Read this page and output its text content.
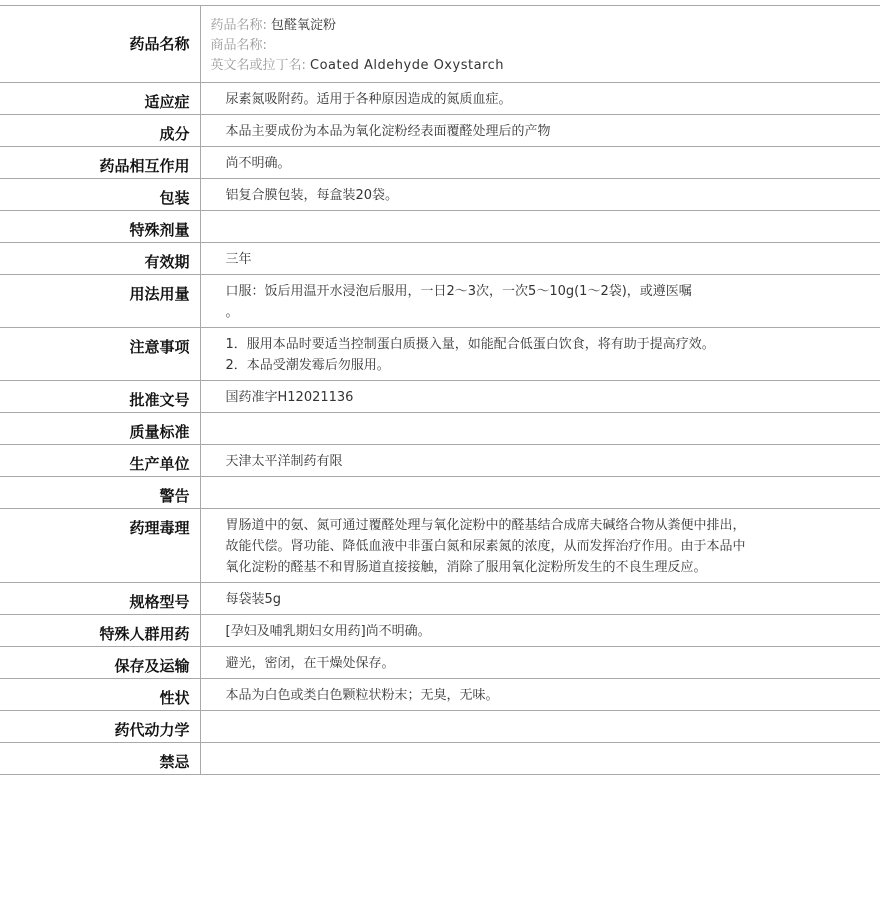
药品名称	药品名称: 包醛氧淀粉
商品名称:
英文名或拉丁名: Coated Aldehyde Oxystarch

适应症	尿素氮吸附药。适用于各种原因造成的氮质血症。

成分	本品主要成份为本品为氧化淀粉经表面覆醛处理后的产物

药品相互作用	尚不明确。

包装	铝复合膜包装，每盒装20袋。

特殊剂量	

有效期	三年

用法用量	口服：饭后用温开水浸泡后服用，一日2～3次，一次5～10g(1～2袋)，或遵医嘱
。

注意事项	1．服用本品时要适当控制蛋白质摄入量，如能配合低蛋白饮食，将有助于提高疗效。
2．本品受潮发霉后勿服用。

批准文号	国药准字H12021136

质量标准	

生产单位	天津太平洋制药有限

警告	

药理毒理	胃肠道中的氨、氮可通过覆醛处理与氧化淀粉中的醛基结合成席夫碱络合物从粪便中排出，
故能代偿。肾功能、降低血液中非蛋白氮和尿素氮的浓度，从而发挥治疗作用。由于本品中
氧化淀粉的醛基不和胃肠道直接接触，消除了服用氧化淀粉所发生的不良生理反应。

规格型号	每袋装5g

特殊人群用药	[孕妇及哺乳期妇女用药]尚不明确。

保存及运输	避光，密闭，在干燥处保存。

性状	本品为白色或类白色颗粒状粉末；无臭，无味。

药代动力学	

禁忌	
